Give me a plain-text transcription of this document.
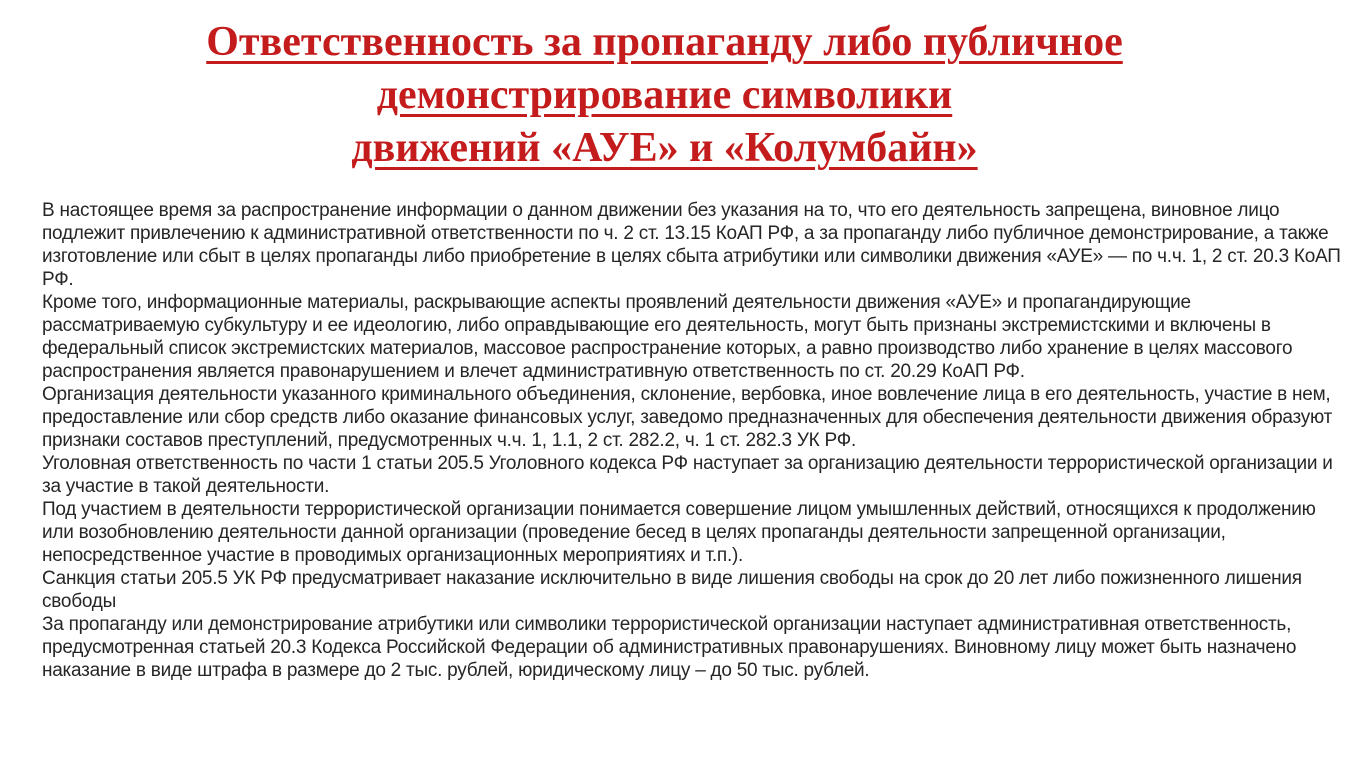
Ответственность за пропаганду либо публичное
демонстрирование символики
движений «АУЕ» и «Колумбайн»

В настоящее время за распространение информации о данном движении без указания на то, что его деятельность запрещена, виновное лицо подлежит привлечению к административной ответственности по ч. 2 ст. 13.15 КоАП РФ, а за пропаганду либо публичное демонстрирование, а также изготовление или сбыт в целях пропаганды либо приобретение в целях сбыта атрибутики или символики движения «АУЕ» — по ч.ч. 1, 2 ст. 20.3 КоАП РФ.

Кроме того, информационные материалы, раскрывающие аспекты проявлений деятельности движения «АУЕ» и пропагандирующие рассматриваемую субкультуру и ее идеологию, либо оправдывающие его деятельность, могут быть признаны экстремистскими и включены в федеральный список экстремистских материалов, массовое распространение которых, а равно производство либо хранение в целях массового распространения является правонарушением и влечет административную ответственность по ст. 20.29 КоАП РФ.

Организация деятельности указанного криминального объединения, склонение, вербовка, иное вовлечение лица в его деятельность, участие в нем, предоставление или сбор средств либо оказание финансовых услуг, заведомо предназначенных для обеспечения деятельности движения образуют признаки составов преступлений, предусмотренных ч.ч. 1, 1.1, 2 ст. 282.2, ч. 1 ст. 282.3 УК РФ.

Уголовная ответственность по части 1 статьи 205.5 Уголовного кодекса РФ наступает за организацию деятельности террористической организации и за участие в такой деятельности.

Под участием в деятельности террористической организации понимается совершение лицом умышленных действий, относящихся к продолжению или возобновлению деятельности данной организации (проведение бесед в целях пропаганды деятельности запрещенной организации, непосредственное участие в проводимых организационных мероприятиях и т.п.).

Санкция статьи 205.5 УК РФ предусматривает наказание исключительно в виде лишения свободы на срок до 20 лет либо пожизненного лишения свободы

За пропаганду или демонстрирование атрибутики или символики террористической организации наступает административная ответственность, предусмотренная статьей 20.3 Кодекса Российской Федерации об административных правонарушениях. Виновному лицу может быть назначено наказание в виде штрафа в размере до 2 тыс. рублей, юридическому лицу – до 50 тыс. рублей.
